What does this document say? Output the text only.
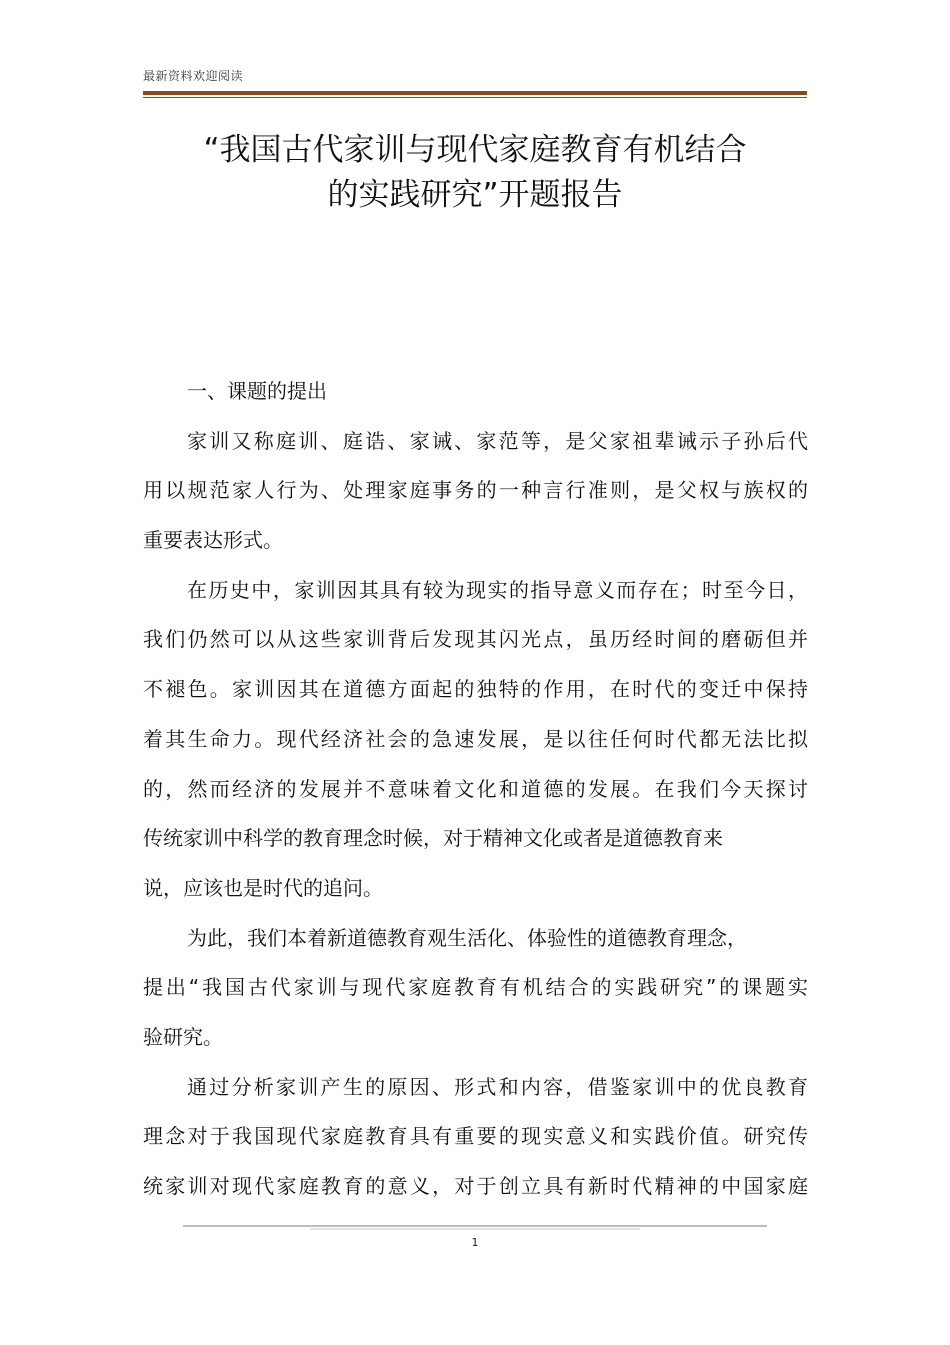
最新资料欢迎阅读
“我国古代家训与现代家庭教育有机结合
的实践研究”开题报告
一、课题的提出
家训又称庭训、庭诰、家诫、家范等，是父家祖辈诫示子孙后代
用以规范家人行为、处理家庭事务的一种言行准则，是父权与族权的
重要表达形式。
在历史中，家训因其具有较为现实的指导意义而存在；时至今日，
我们仍然可以从这些家训背后发现其闪光点，虽历经时间的磨砺但并
不褪色。家训因其在道德方面起的独特的作用，在时代的变迁中保持
着其生命力。现代经济社会的急速发展，是以往任何时代都无法比拟
的，然而经济的发展并不意味着文化和道德的发展。在我们今天探讨
传统家训中科学的教育理念时候，对于精神文化或者是道德教育来
说，应该也是时代的追问。
为此，我们本着新道德教育观生活化、体验性的道德教育理念，
提出“我国古代家训与现代家庭教育有机结合的实践研究”的课题实
验研究。
通过分析家训产生的原因、形式和内容，借鉴家训中的优良教育
理念对于我国现代家庭教育具有重要的现实意义和实践价值。研究传
统家训对现代家庭教育的意义，对于创立具有新时代精神的中国家庭
1
